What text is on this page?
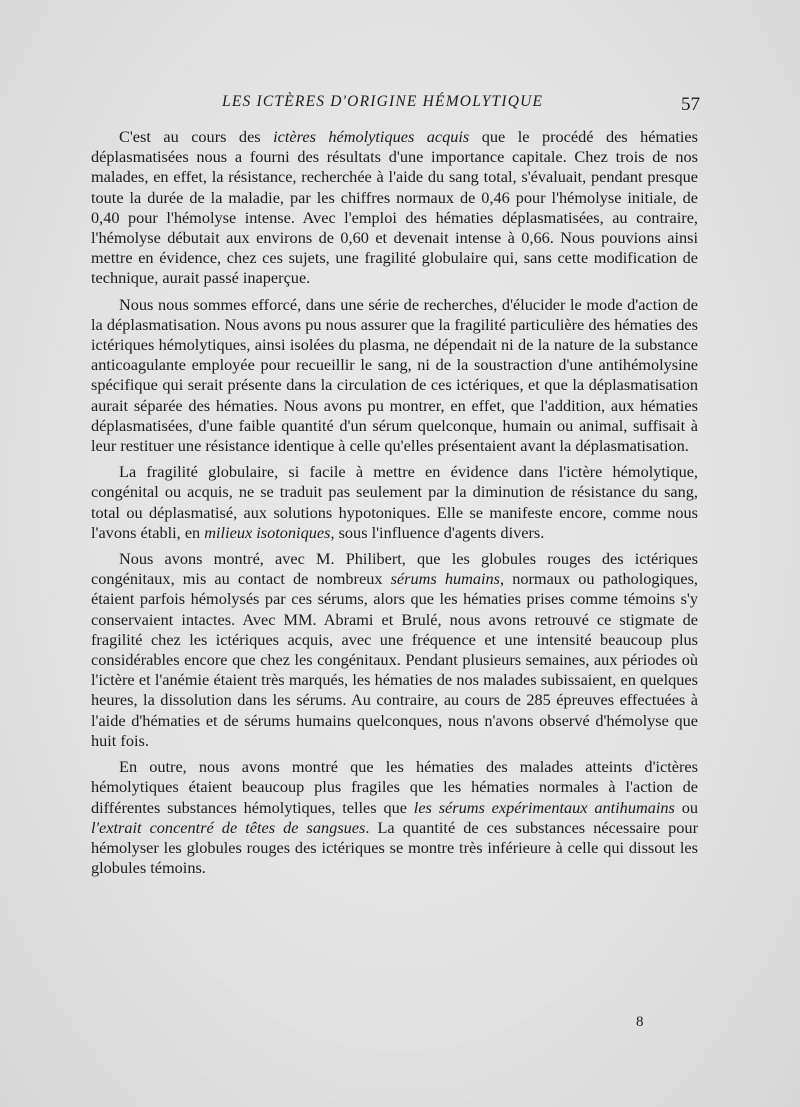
LES ICTÈRES D'ORIGINE HÉMOLYTIQUE	57

C'est au cours des ictères hémolytiques acquis que le procédé des hématies déplasmatisées nous a fourni des résultats d'une importance capitale. Chez trois de nos malades, en effet, la résistance, recherchée à l'aide du sang total, s'évaluait, pendant presque toute la durée de la maladie, par les chiffres normaux de 0,46 pour l'hémolyse initiale, de 0,40 pour l'hémolyse intense. Avec l'emploi des hématies déplasmatisées, au contraire, l'hémolyse débutait aux environs de 0,60 et devenait intense à 0,66. Nous pouvions ainsi mettre en évidence, chez ces sujets, une fragilité globulaire qui, sans cette modification de technique, aurait passé inaperçue.

Nous nous sommes efforcé, dans une série de recherches, d'élucider le mode d'action de la déplasmatisation. Nous avons pu nous assurer que la fragilité particulière des hématies des ictériques hémolytiques, ainsi isolées du plasma, ne dépendait ni de la nature de la substance anticoagulante employée pour recueillir le sang, ni de la soustraction d'une antihémolysine spécifique qui serait présente dans la circulation de ces ictériques, et que la déplasmatisation aurait séparée des hématies. Nous avons pu montrer, en effet, que l'addition, aux hématies déplasmatisées, d'une faible quantité d'un sérum quelconque, humain ou animal, suffisait à leur restituer une résistance identique à celle qu'elles présentaient avant la déplasmatisation.

La fragilité globulaire, si facile à mettre en évidence dans l'ictère hémolytique, congénital ou acquis, ne se traduit pas seulement par la diminution de résistance du sang, total ou déplasmatisé, aux solutions hypotoniques. Elle se manifeste encore, comme nous l'avons établi, en milieux isotoniques, sous l'influence d'agents divers.

Nous avons montré, avec M. Philibert, que les globules rouges des ictériques congénitaux, mis au contact de nombreux sérums humains, normaux ou pathologiques, étaient parfois hémolysés par ces sérums, alors que les hématies prises comme témoins s'y conservaient intactes. Avec MM. Abrami et Brulé, nous avons retrouvé ce stigmate de fragilité chez les ictériques acquis, avec une fréquence et une intensité beaucoup plus considérables encore que chez les congénitaux. Pendant plusieurs semaines, aux périodes où l'ictère et l'anémie étaient très marqués, les hématies de nos malades subissaient, en quelques heures, la dissolution dans les sérums. Au contraire, au cours de 285 épreuves effectuées à l'aide d'hématies et de sérums humains quelconques, nous n'avons observé d'hémolyse que huit fois.

En outre, nous avons montré que les hématies des malades atteints d'ictères hémolytiques étaient beaucoup plus fragiles que les hématies normales à l'action de différentes substances hémolytiques, telles que les sérums expérimentaux antihumains ou l'extrait concentré de têtes de sangsues. La quantité de ces substances nécessaire pour hémolyser les globules rouges des ictériques se montre très inférieure à celle qui dissout les globules témoins.

8
